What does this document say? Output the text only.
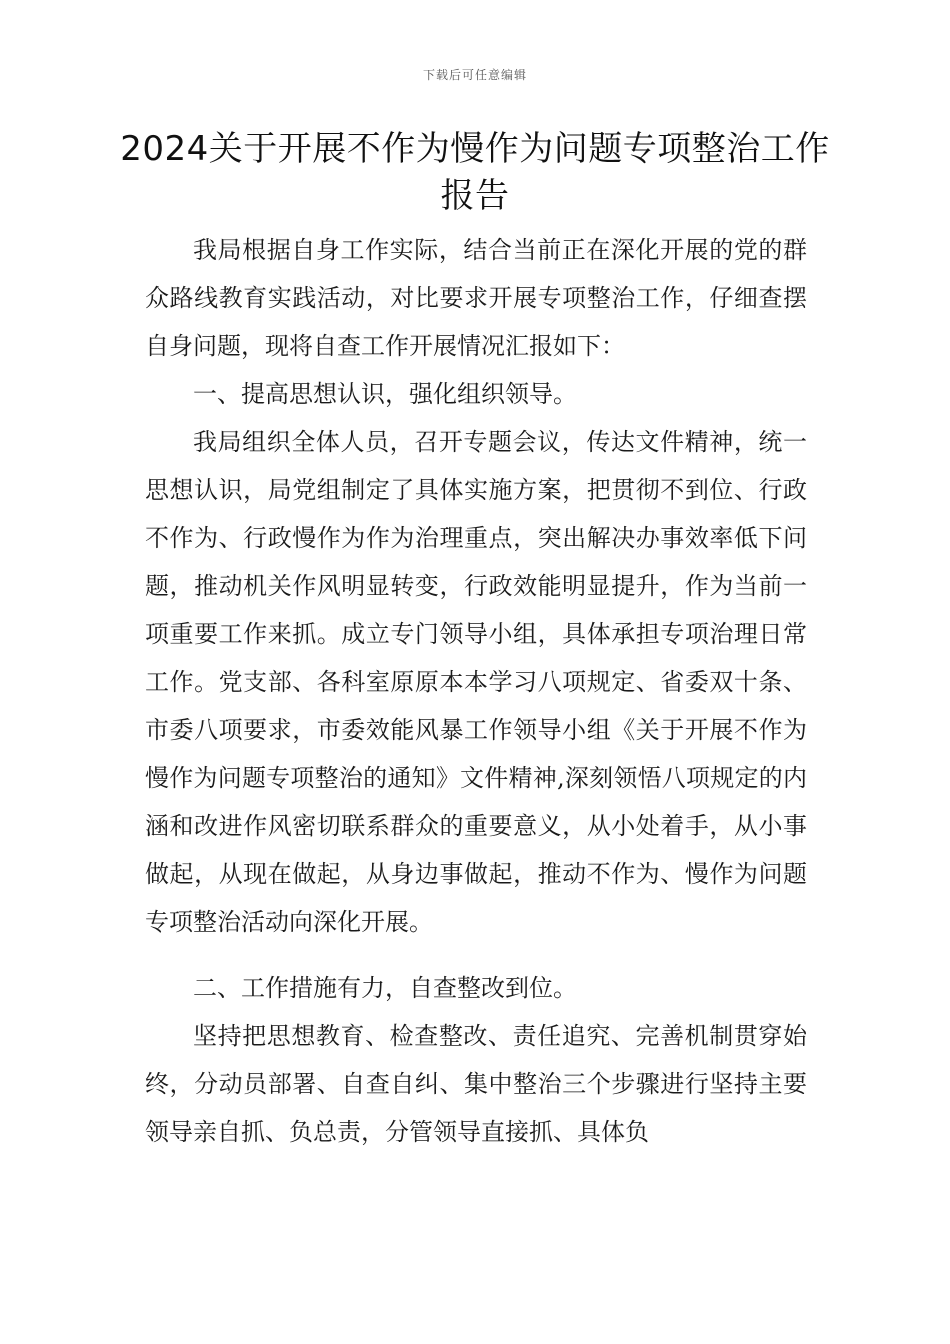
下载后可任意编辑
2024关于开展不作为慢作为问题专项整治工作报告

我局根据自身工作实际，结合当前正在深化开展的党的群众路线教育实践活动，对比要求开展专项整治工作，仔细查摆自身问题，现将自查工作开展情况汇报如下：

一、提高思想认识，强化组织领导。

我局组织全体人员，召开专题会议，传达文件精神，统一思想认识，局党组制定了具体实施方案，把贯彻不到位、行政不作为、行政慢作为作为治理重点，突出解决办事效率低下问题，推动机关作风明显转变，行政效能明显提升，作为当前一项重要工作来抓。成立专门领导小组，具体承担专项治理日常工作。党支部、各科室原原本本学习八项规定、省委双十条、市委八项要求，市委效能风暴工作领导小组《关于开展不作为慢作为问题专项整治的通知》文件精神,深刻领悟八项规定的内涵和改进作风密切联系群众的重要意义，从小处着手，从小事做起，从现在做起，从身边事做起，推动不作为、慢作为问题专项整治活动向深化开展。

二、工作措施有力，自查整改到位。

坚持把思想教育、检查整改、责任追究、完善机制贯穿始终，分动员部署、自查自纠、集中整治三个步骤进行坚持主要领导亲自抓、负总责，分管领导直接抓、具体负
